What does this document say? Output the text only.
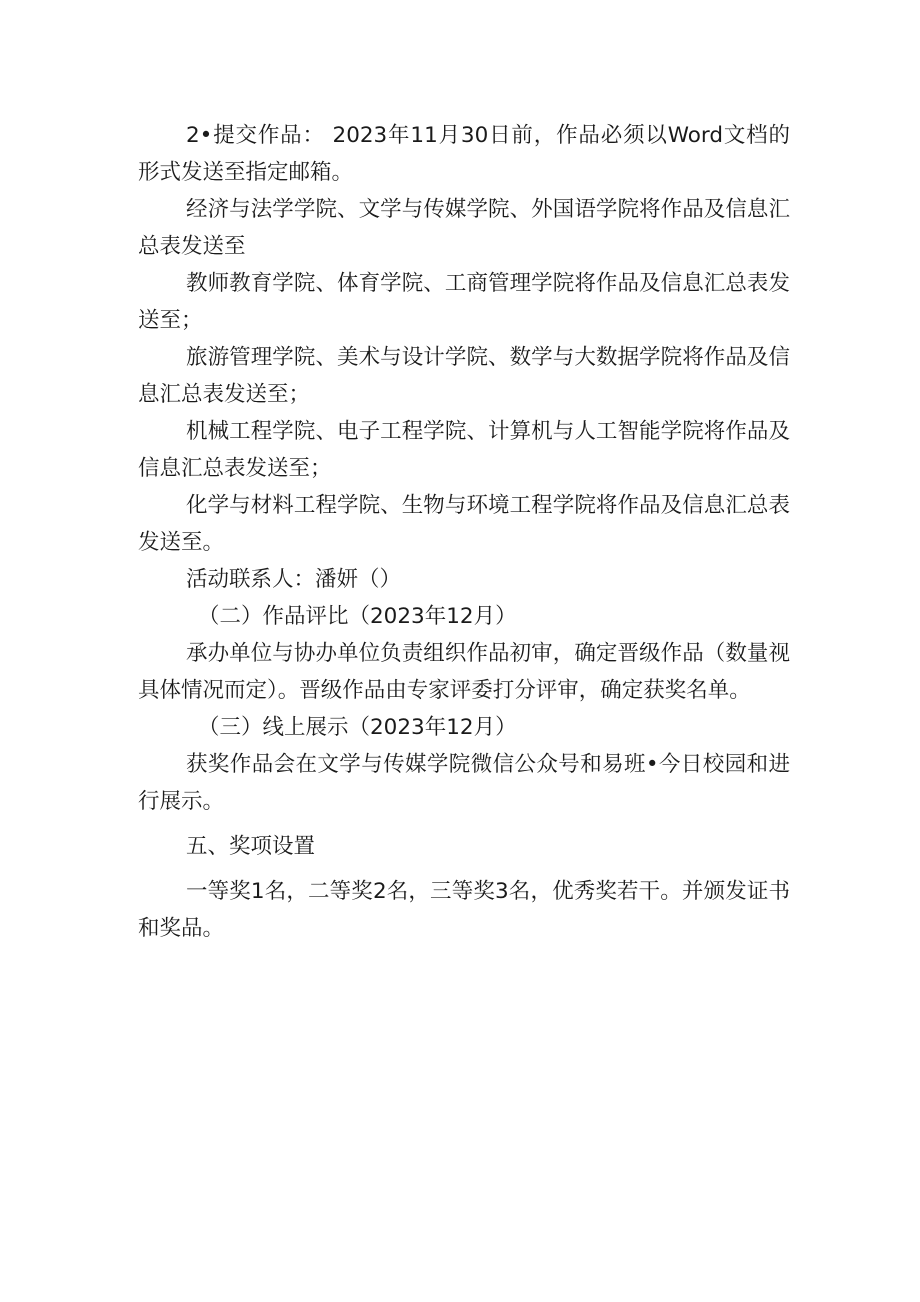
2•提交作品： 2023年11月30日前，作品必须以Word文档的形式发送至指定邮箱。

经济与法学学院、文学与传媒学院、外国语学院将作品及信息汇总表发送至

教师教育学院、体育学院、工商管理学院将作品及信息汇总表发送至；

旅游管理学院、美术与设计学院、数学与大数据学院将作品及信息汇总表发送至；

机械工程学院、电子工程学院、计算机与人工智能学院将作品及信息汇总表发送至；

化学与材料工程学院、生物与环境工程学院将作品及信息汇总表发送至。

活动联系人：潘妍（）

（二）作品评比（2023年12月）

承办单位与协办单位负责组织作品初审，确定晋级作品（数量视具体情况而定）。晋级作品由专家评委打分评审，确定获奖名单。

（三）线上展示（2023年12月）

获奖作品会在文学与传媒学院微信公众号和易班•今日校园和进行展示。

五、奖项设置

一等奖1名，二等奖2名，三等奖3名，优秀奖若干。并颁发证书和奖品。
